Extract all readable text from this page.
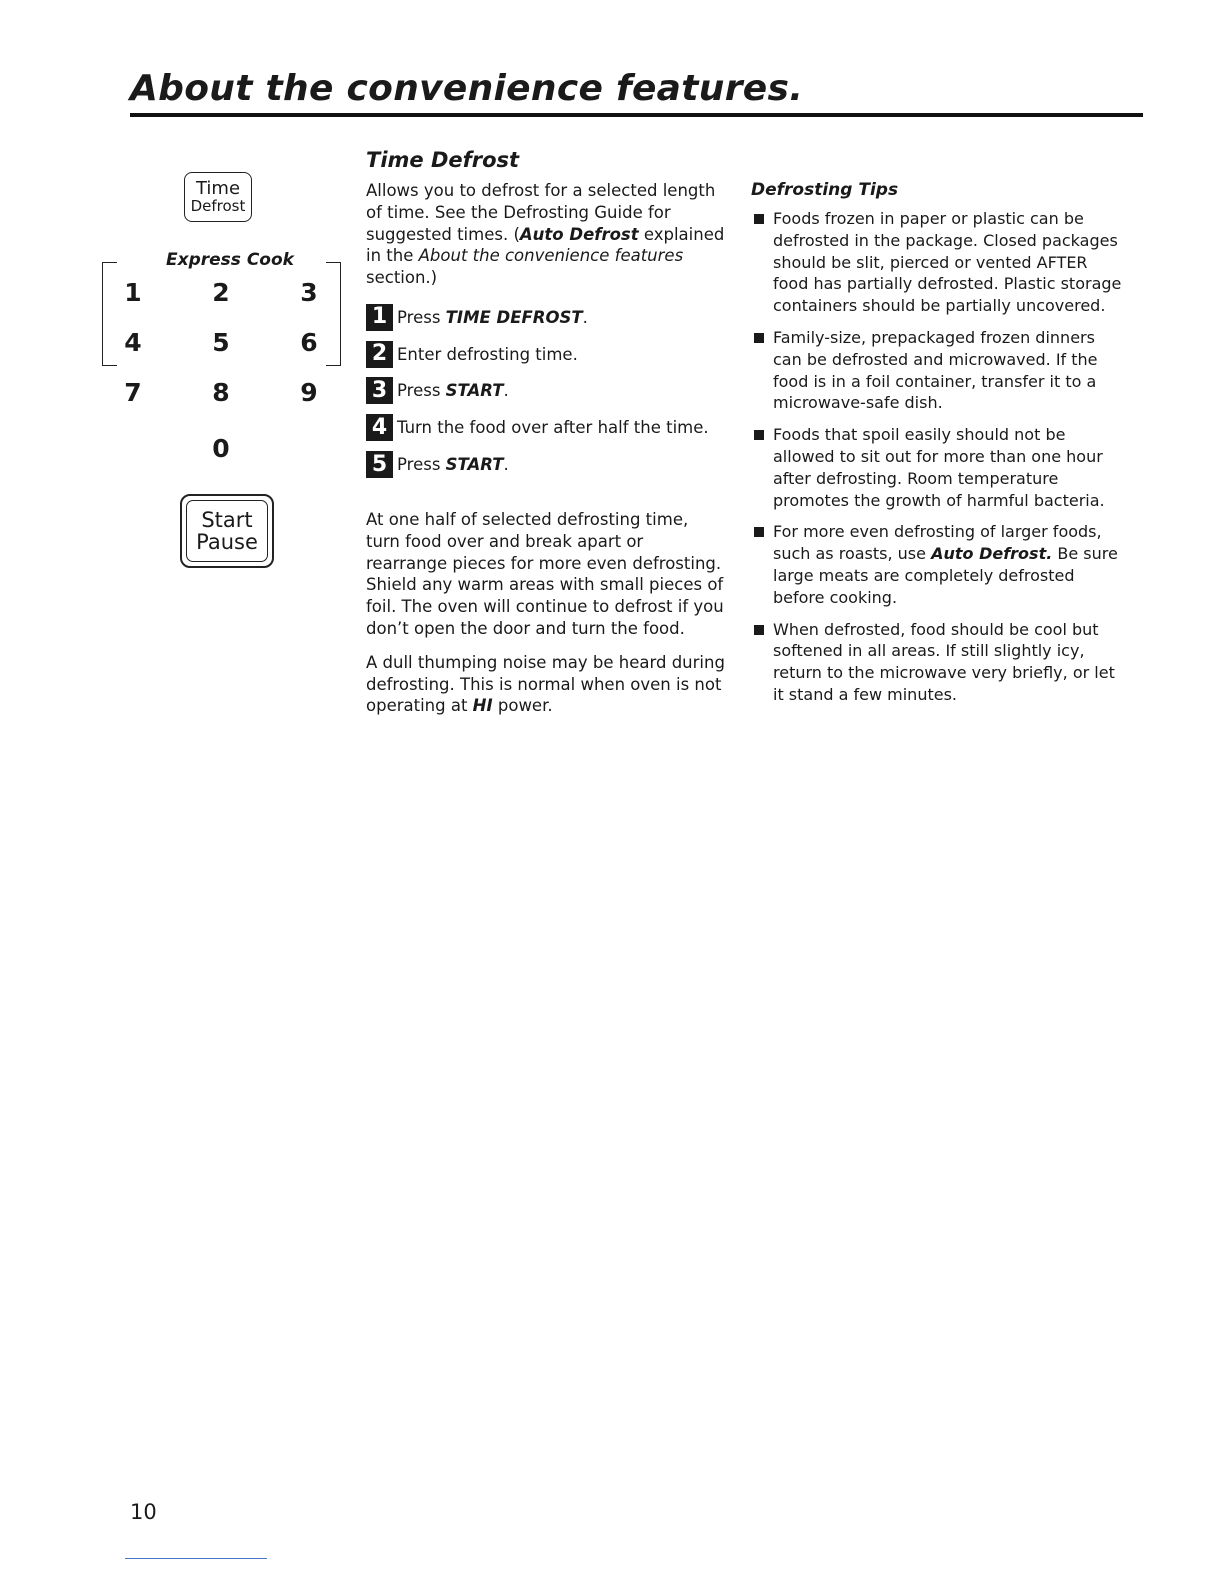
About the convenience features.
Time
Defrost
Express Cook
1	2	3
4	5	6
7	8	9
0
Start
Pause
Time Defrost

Allows you to defrost for a selected length of time. See the Defrosting Guide for suggested times. (Auto Defrost explained in the About the convenience features section.)

1 Press TIME DEFROST.
2 Enter defrosting time.
3 Press START.
4 Turn the food over after half the time.
5 Press START.

At one half of selected defrosting time, turn food over and break apart or rearrange pieces for more even defrosting. Shield any warm areas with small pieces of foil. The oven will continue to defrost if you don’t open the door and turn the food.

A dull thumping noise may be heard during defrosting. This is normal when oven is not operating at HI power.

Defrosting Tips
Foods frozen in paper or plastic can be defrosted in the package. Closed packages should be slit, pierced or vented AFTER food has partially defrosted. Plastic storage containers should be partially uncovered.
Family-size, prepackaged frozen dinners can be defrosted and microwaved. If the food is in a foil container, transfer it to a microwave-safe dish.
Foods that spoil easily should not be allowed to sit out for more than one hour after defrosting. Room temperature promotes the growth of harmful bacteria.
For more even defrosting of larger foods, such as roasts, use Auto Defrost. Be sure large meats are completely defrosted before cooking.
When defrosted, food should be cool but softened in all areas. If still slightly icy, return to the microwave very briefly, or let it stand a few minutes.
10
